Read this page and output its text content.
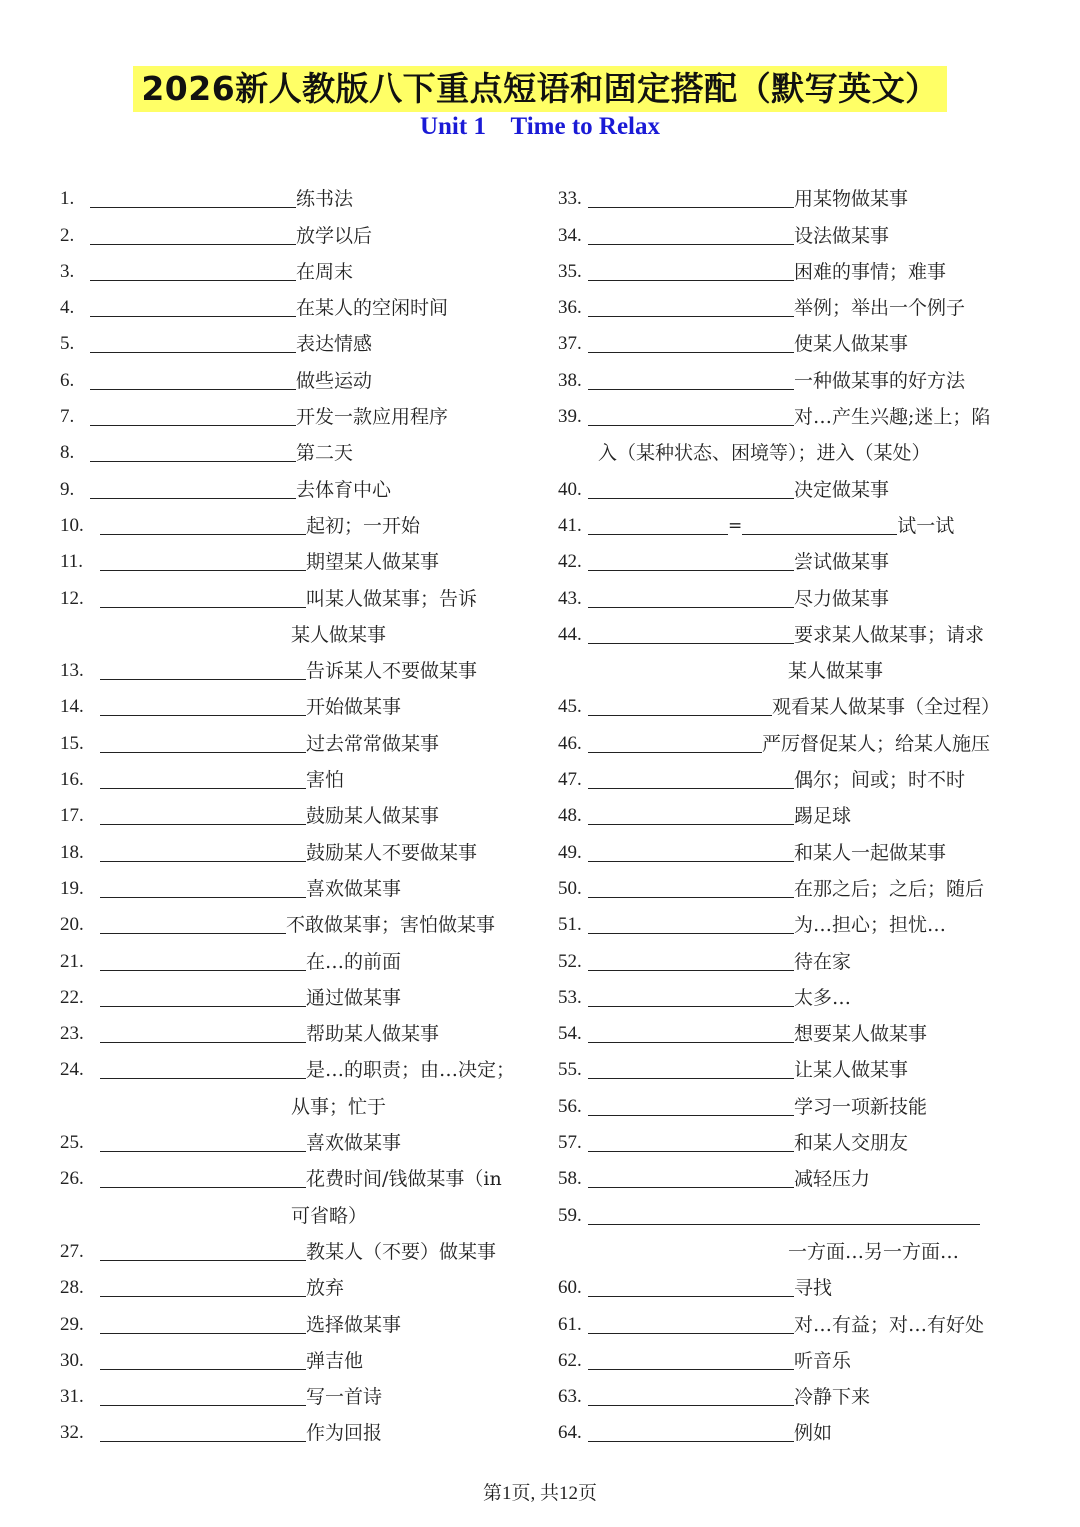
2026新人教版八下重点短语和固定搭配（默写英文）
Unit 1    Time to Relax
1.	练书法
2.	放学以后
3.	在周末
4.	在某人的空闲时间
5.	表达情感
6.	做些运动
7.	开发一款应用程序
8.	第二天
9.	去体育中心
10.	起初；一开始
11.	期望某人做某事
12.	叫某人做某事；告诉
某人做某事
13.	告诉某人不要做某事
14.	开始做某事
15.	过去常常做某事
16.	害怕
17.	鼓励某人做某事
18.	鼓励某人不要做某事
19.	喜欢做某事
20.	不敢做某事；害怕做某事
21.	在…的前面
22.	通过做某事
23.	帮助某人做某事
24.	是…的职责；由…决定；
从事；忙于
25.	喜欢做某事
26.	花费时间/钱做某事（in
可省略）
27.	教某人（不要）做某事
28.	放弃
29.	选择做某事
30.	弹吉他
31.	写一首诗
32.	作为回报
33.	用某物做某事
34.	设法做某事
35.	困难的事情；难事
36.	举例；举出一个例子
37.	使某人做某事
38.	一种做某事的好方法
39.	对…产生兴趣;迷上；陷
入（某种状态、困境等）；进入（某处）
40.	决定做某事
41.	=	试一试
42.	尝试做某事
43.	尽力做某事
44.	要求某人做某事；请求
某人做某事
45.	观看某人做某事（全过程）
46.	严厉督促某人；给某人施压
47.	偶尔；间或；时不时
48.	踢足球
49.	和某人一起做某事
50.	在那之后；之后；随后
51.	为…担心；担忧…
52.	待在家
53.	太多…
54.	想要某人做某事
55.	让某人做某事
56.	学习一项新技能
57.	和某人交朋友
58.	减轻压力
59.
一方面…另一方面…
60.	寻找
61.	对…有益；对…有好处
62.	听音乐
63.	冷静下来
64.	例如
第1页, 共12页
